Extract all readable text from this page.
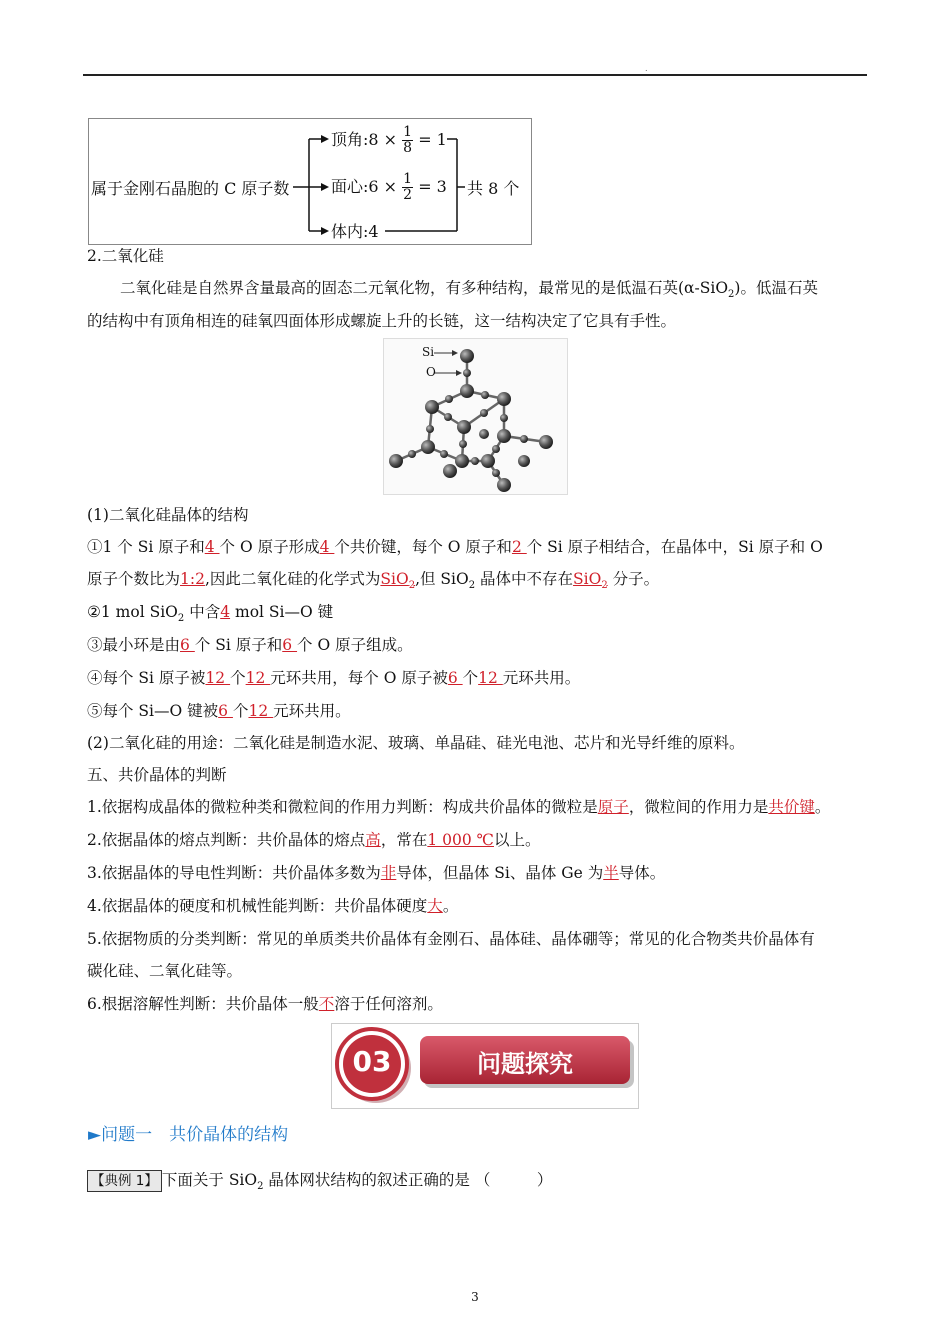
.
属于金刚石晶胞的 C 原子数
顶角:8 × $\frac{1}{8} = 1$
面心:6 × $\frac{1}{2} = 3$
体内:4
共 8 个
2.二氧化硅
二氧化硅是自然界含量最高的固态二元氧化物，有多种结构，最常见的是低温石英(α-SiO$_2$)。低温石英
的结构中有顶角相连的硅氧四面体形成螺旋上升的长链，这一结构决定了它具有手性。
Si
O
(1)二氧化硅晶体的结构
①1 个 Si 原子和4 个 O 原子形成4 个共价键，每个 O 原子和2 个 Si 原子相结合，在晶体中，Si 原子和 O
原子个数比为1:2,因此二氧化硅的化学式为SiO$_2$,但 SiO$_2$ 晶体中不存在SiO$_2$ 分子。
②1 mol SiO$_2$ 中含4 mol Si—O 键
③最小环是由6 个 Si 原子和6 个 O 原子组成。
④每个 Si 原子被12 个12 元环共用，每个 O 原子被6 个12 元环共用。
⑤每个 Si—O 键被6 个12 元环共用。
(2)二氧化硅的用途：二氧化硅是制造水泥、玻璃、单晶硅、硅光电池、芯片和光导纤维的原料。
五、共价晶体的判断
1.依据构成晶体的微粒种类和微粒间的作用力判断：构成共价晶体的微粒是原子，微粒间的作用力是共价键。
2.依据晶体的熔点判断：共价晶体的熔点高，常在1 000 ℃以上。
3.依据晶体的导电性判断：共价晶体多数为非导体，但晶体 Si、晶体 Ge 为半导体。
4.依据晶体的硬度和机械性能判断：共价晶体硬度大。
5.依据物质的分类判断：常见的单质类共价晶体有金刚石、晶体硅、晶体硼等；常见的化合物类共价晶体有
碳化硅、二氧化硅等。
6.根据溶解性判断：共价晶体一般不溶于任何溶剂。
03	问题探究
►问题一　共价晶体的结构
【典例 1】 下面关于 SiO$_2$ 晶体网状结构的叙述正确的是 （　　　）
3
